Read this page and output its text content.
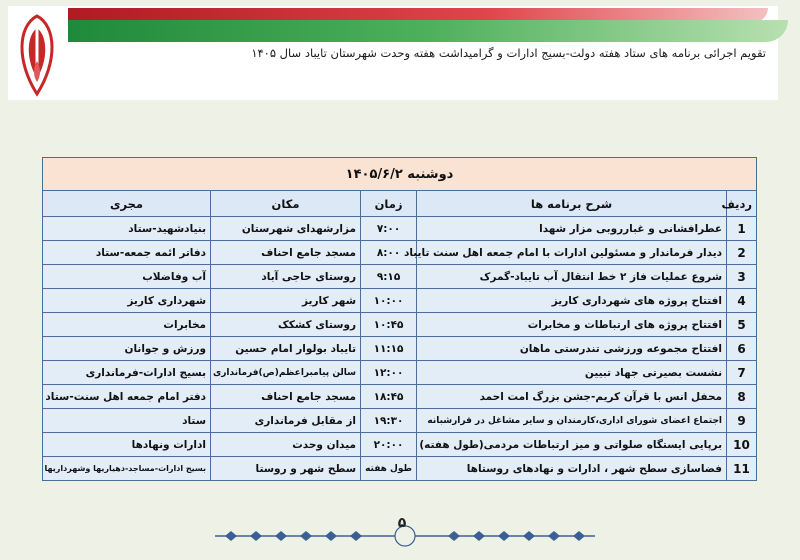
تقویم اجرائی برنامه های ستاد هفته دولت-بسیج ادارات و گرامیداشت هفته وحدت شهرستان تایباد سال ۱۴۰۵
دوشنبه ۱۴۰۵/۶/۲				
ردیف	شرح برنامه ها	زمان	مکان	مجری
1	عطرافشانی و غبارروبی مزار شهدا	۷:۰۰	مزارشهدای شهرستان	بنیادشهید-ستاد
2	دیدار فرماندار و مسئولین ادارات با امام جمعه اهل سنت تایباد	۸:۰۰	مسجد جامع احناف	دفاتر ائمه جمعه-ستاد
3	شروع عملیات فاز ۲ خط انتقال آب تایباد-گمرک	۹:۱۵	روستای حاجی آباد	آب وفاضلاب
4	افتتاح پروژه های شهرداری کاریز	۱۰:۰۰	شهر کاریز	شهرداری کاریز
5	افتتاح پروژه های ارتباطات و مخابرات	۱۰:۴۵	روستای کشکک	مخابرات
6	افتتاح مجموعه ورزشی تندرستی ماهان	۱۱:۱۵	تایباد بولوار امام حسین	ورزش و جوانان
7	نشست بصیرتی جهاد تبیین	۱۲:۰۰	سالن پیامبراعظم(ص)فرمانداری	بسیج ادارات-فرمانداری
8	محفل انس با قرآن کریم-جشن بزرگ امت احمد	۱۸:۴۵	مسجد جامع احناف	دفتر امام جمعه اهل سنت-ستاد
9	اجتماع اعضای شورای اداری،کارمندان و سایر مشاغل در قرارشبانه	۱۹:۳۰	از مقابل فرمانداری	ستاد
10	برپایی ایستگاه صلواتی و میز ارتباطات مردمی(طول هفته)	۲۰:۰۰	میدان وحدت	ادارات ونهادها
11	فضاسازی سطح شهر ، ادارات و نهادهای روستاها	طول هفته	سطح شهر و روستا	بسیج ادارات-مساجد-دهیاریها وشهرداریها
۵
